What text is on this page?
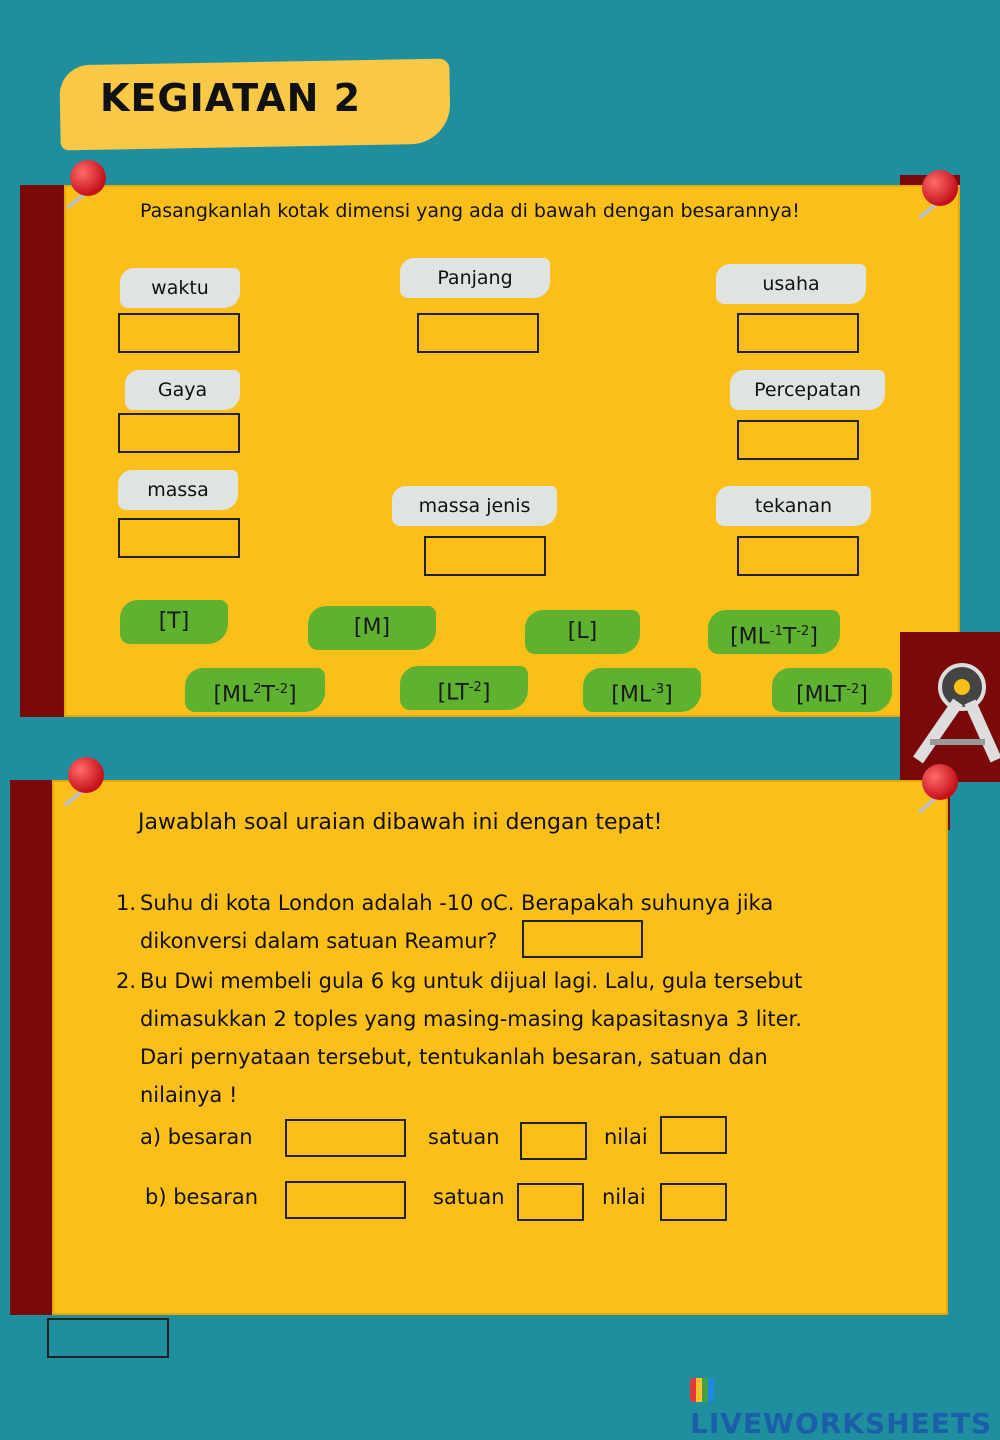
KEGIATAN 2
Pasangkanlah kotak dimensi yang ada di bawah dengan besarannya!
waktu	Panjang	usaha
Gaya	Percepatan
massa
massa jenis	tekanan
[T]	[M]	[L]	$[ML^{-1}T^{-2}]$
$[ML^2T^{-2}]$	$[LT^{-2}]$	$[ML^{-3}]$	$[MLT^{-2}]$
Jawablah soal uraian dibawah ini dengan tepat!
1. Suhu di kota London adalah -10 oC. Berapakah suhunya jika
dikonversi dalam satuan Reamur?
2. Bu Dwi membeli gula 6 kg untuk dijual lagi. Lalu, gula tersebut
dimasukkan 2 toples yang masing-masing kapasitasnya 3 liter.
Dari pernyataan tersebut, tentukanlah besaran, satuan dan
nilainya !
a) besaran	satuan	nilai
b) besaran	satuan	nilai
LIVEWORKSHEETS
